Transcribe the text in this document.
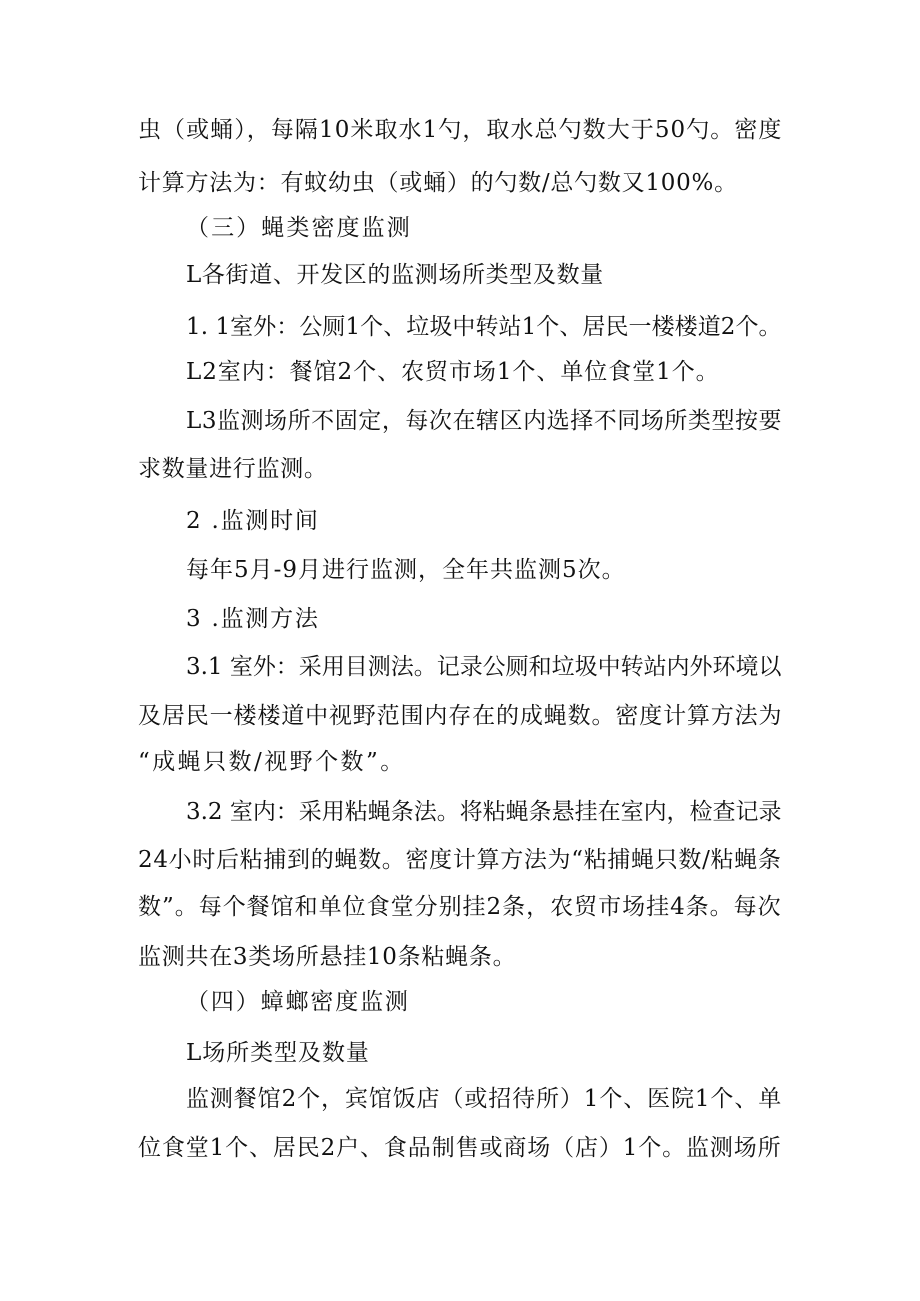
虫（或蛹），每隔10米取水1勺，取水总勺数大于50勺。密度
计算方法为：有蚊幼虫（或蛹）的勺数/总勺数又100%。
（三）蝇类密度监测
L各街道、开发区的监测场所类型及数量
1. 1室外：公厕1个、垃圾中转站1个、居民一楼楼道2个。
L2室内：餐馆2个、农贸市场1个、单位食堂1个。
L3监测场所不固定，每次在辖区内选择不同场所类型按要
求数量进行监测。
2 .监测时间
每年5月-9月进行监测，全年共监测5次。
3 .监测方法
3.1 室外：采用目测法。记录公厕和垃圾中转站内外环境以
及居民一楼楼道中视野范围内存在的成蝇数。密度计算方法为
“成蝇只数/视野个数”。
3.2 室内：采用粘蝇条法。将粘蝇条悬挂在室内，检查记录
24小时后粘捕到的蝇数。密度计算方法为“粘捕蝇只数/粘蝇条
数”。每个餐馆和单位食堂分别挂2条，农贸市场挂4条。每次
监测共在3类场所悬挂10条粘蝇条。
（四）蟑螂密度监测
L场所类型及数量
监测餐馆2个，宾馆饭店（或招待所）1个、医院1个、单
位食堂1个、居民2户、食品制售或商场（店）1个。监测场所
